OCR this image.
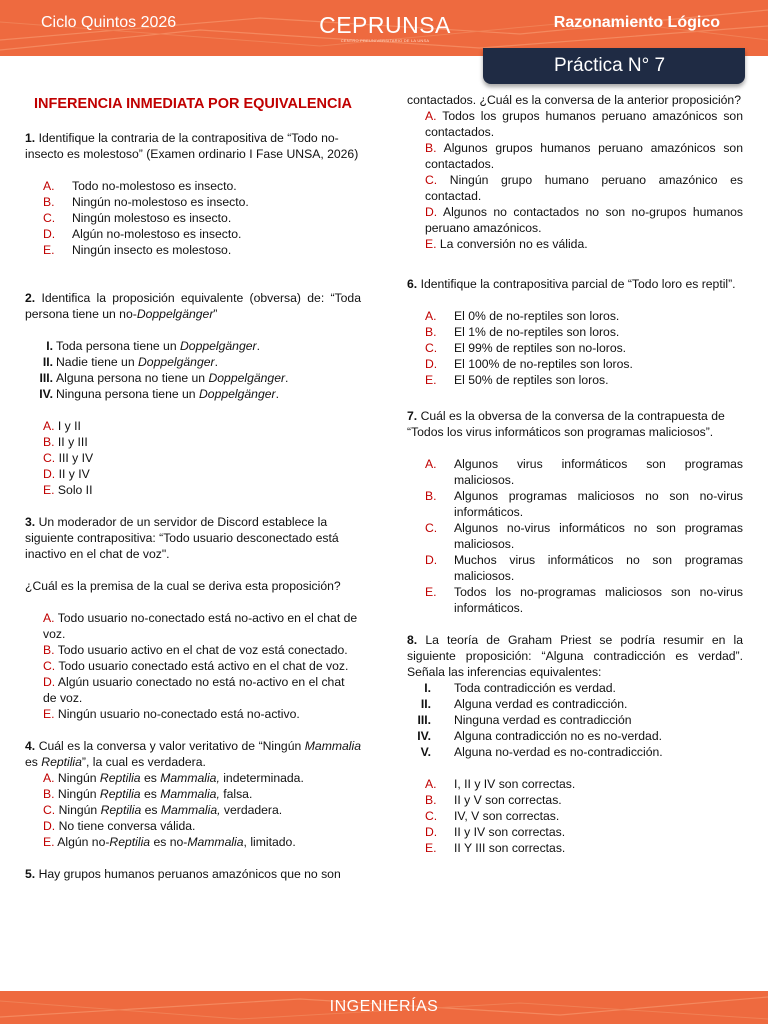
Ciclo Quintos 2026	CEPRUNSA
CENTRO PREUNIVERSITARIO DE LA UNSA
Razonamiento Lógico
Práctica N° 7
INFERENCIA INMEDIATA POR EQUIVALENCIA

1. Identifique la contraria de la contrapositiva de “Todo no-insecto es molestoso” (Examen ordinario I Fase UNSA, 2026)

A. Todo no-molestoso es insecto.
B. Ningún no-molestoso es insecto.
C. Ningún molestoso es insecto.
D. Algún no-molestoso es insecto.
E. Ningún insecto es molestoso.

2. Identifica la proposición equivalente (obversa) de: “Toda persona tiene un no-Doppelgänger”

I. Toda persona tiene un Doppelgänger.
II. Nadie tiene un Doppelgänger.
III. Alguna persona no tiene un Doppelgänger.
IV. Ninguna persona tiene un Doppelgänger.
A. I y II
B. II y III
C. III y IV
D. II y IV
E. Solo II

3. Un moderador de un servidor de Discord establece la siguiente contrapositiva: “Todo usuario desconectado está inactivo en el chat de voz".

¿Cuál es la premisa de la cual se deriva esta proposición?

A. Todo usuario no-conectado está no-activo en el chat de voz.
B. Todo usuario activo en el chat de voz está conectado.
C. Todo usuario conectado está activo en el chat de voz.
D. Algún usuario conectado no está no-activo en el chat de voz.
E. Ningún usuario no-conectado está no-activo.

4. Cuál es la conversa y valor veritativo de “Ningún Mammalia es Reptilia”, la cual es verdadera.

A. Ningún Reptilia es Mammalia, indeterminada.
B. Ningún Reptilia es Mammalia, falsa.
C. Ningún Reptilia es Mammalia, verdadera.
D. No tiene conversa válida.
E. Algún no-Reptilia es no-Mammalia, limitado.

5. Hay grupos humanos peruanos amazónicos que no son

contactados. ¿Cuál es la conversa de la anterior proposición?

A. Todos los grupos humanos peruano amazónicos son contactados.
B. Algunos grupos humanos peruano amazónicos son contactados.
C. Ningún grupo humano peruano amazónico es contactad.
D. Algunos no contactados no son no-grupos humanos peruano amazónicos.
E. La conversión no es válida.

6. Identifique la contrapositiva parcial de “Todo loro es reptil”.

A. El 0% de no-reptiles son loros.
B. El 1% de no-reptiles son loros.
C. El 99% de reptiles son no-loros.
D. El 100% de no-reptiles son loros.
E. El 50% de reptiles son loros.

7. Cuál es la obversa de la conversa de la contrapuesta de “Todos los virus informáticos son programas maliciosos”.

A. Algunos virus informáticos son programas maliciosos.
B. Algunos programas maliciosos no son no-virus informáticos.
C. Algunos no-virus informáticos no son programas maliciosos.
D. Muchos virus informáticos no son programas maliciosos.
E. Todos los no-programas maliciosos son no-virus informáticos.

8. La teoría de Graham Priest se podría resumir en la siguiente proposición: “Alguna contradicción es verdad”. Señala las inferencias equivalentes:

I. Toda contradicción es verdad.
II. Alguna verdad es contradicción.
III. Ninguna verdad es contradicción
IV. Alguna contradicción no es no-verdad.
V. Alguna no-verdad es no-contradicción.
A. I, II y IV son correctas.
B. II y V son correctas.
C. IV, V son correctas.
D. II y IV son correctas.
E. II Y III son correctas.
INGENIERÍAS
